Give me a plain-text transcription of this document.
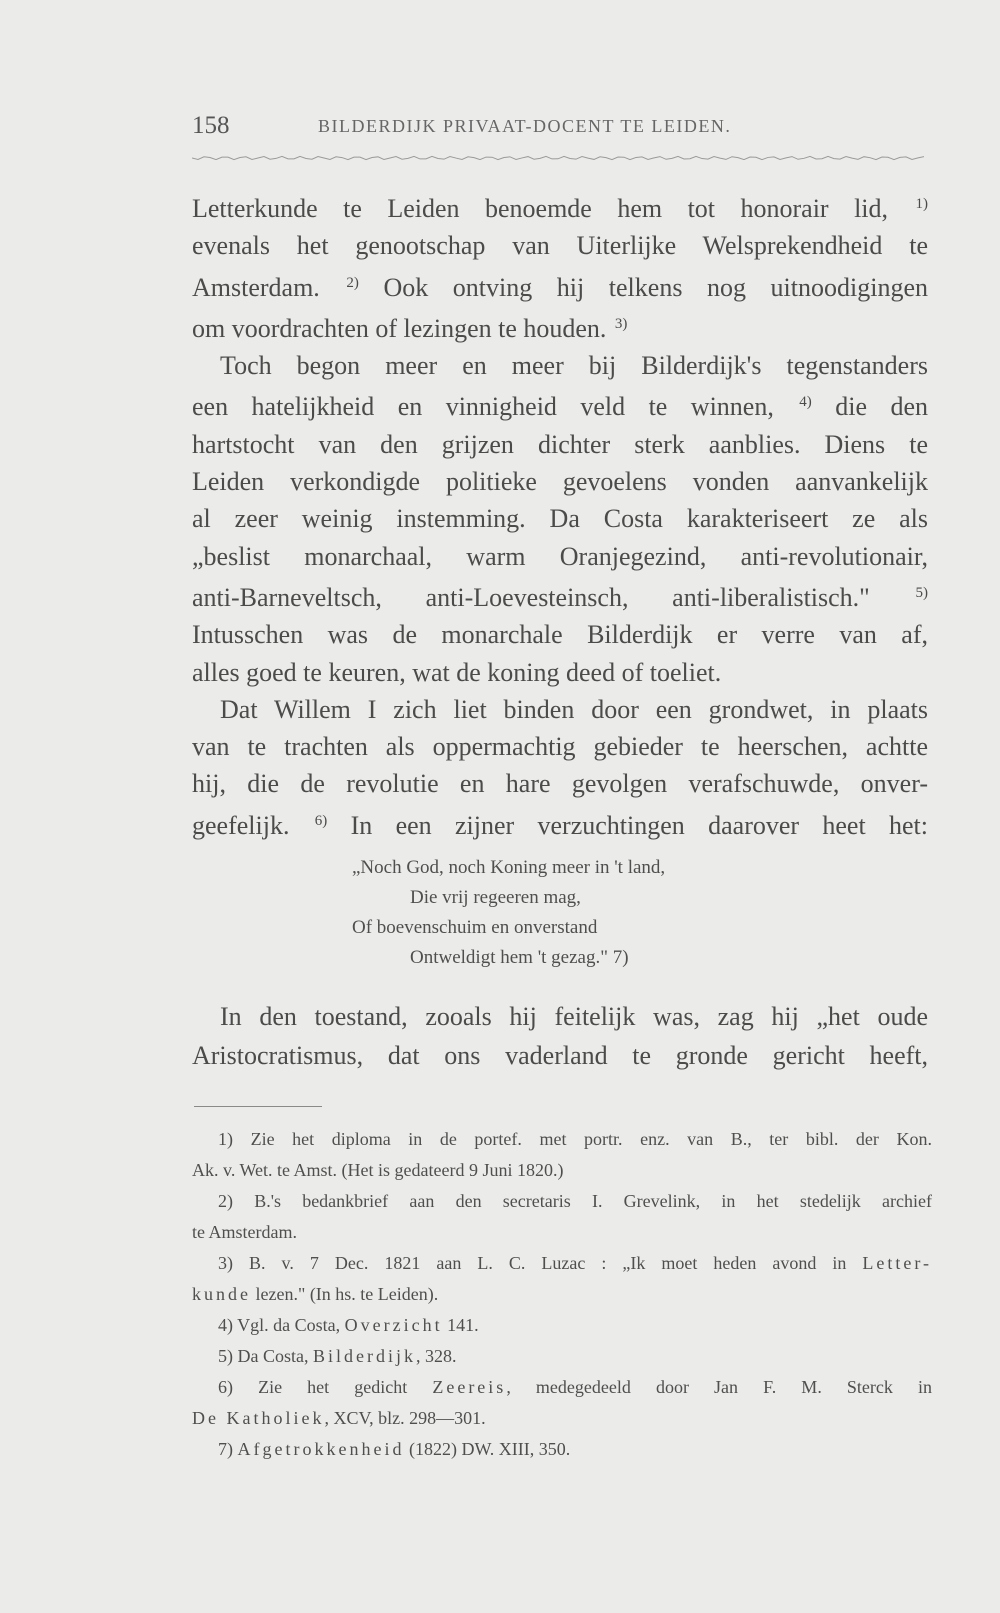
158	BILDERDIJK PRIVAAT-DOCENT TE LEIDEN.
Letterkunde te Leiden benoemde hem tot honorair lid, $^{1)}$
evenals het genootschap van Uiterlijke Welsprekendheid te
Amsterdam. $^{2)}$ Ook ontving hij telkens nog uitnoodigingen
om voordrachten of lezingen te houden. $^{3)}$
Toch begon meer en meer bij Bilderdijk's tegenstanders
een hatelijkheid en vinnigheid veld te winnen, $^{4)}$ die den
hartstocht van den grijzen dichter sterk aanblies. Diens te
Leiden verkondigde politieke gevoelens vonden aanvankelijk
al zeer weinig instemming. Da Costa karakteriseert ze als
„beslist monarchaal, warm Oranjegezind, anti-revolutionair,
anti-Barneveltsch, anti-Loevesteinsch, anti-liberalistisch."	$^{5)}$
Intusschen was de monarchale Bilderdijk er verre van af,
alles goed te keuren, wat de koning deed of toeliet.
Dat Willem I zich liet binden door een grondwet, in plaats
van te trachten als oppermachtig gebieder te heerschen, achtte
hij, die de revolutie en hare gevolgen verafschuwde, onver-
geefelijk. $^{6)}$ In een zijner verzuchtingen daarover heet het:
„Noch God, noch Koning meer in 't land,
Die vrij regeeren mag,
Of boevenschuim en onverstand
Ontweldigt hem 't gezag." 7)
In den toestand, zooals hij feitelijk was, zag hij „het oude
Aristocratismus, dat ons vaderland te gronde gericht heeft,
1) Zie het diploma in de portef. met portr. enz. van B., ter bibl. der Kon.
Ak. v. Wet. te Amst. (Het is gedateerd 9 Juni 1820.)
2) B.'s bedankbrief aan den secretaris I. Grevelink, in het stedelijk archief
te Amsterdam.
3) B. v. 7 Dec. 1821 aan L. C. Luzac : „Ik moet heden avond in Letter-
kunde lezen." (In hs. te Leiden).
4) Vgl. da Costa, Overzicht 141.
5) Da Costa, Bilderdijk, 328.
6) Zie het gedicht Zeereis, medegedeeld door Jan F. M. Sterck in
De Katholiek, XCV, blz. 298—301.
7) Afgetrokkenheid (1822) DW. XIII, 350.
